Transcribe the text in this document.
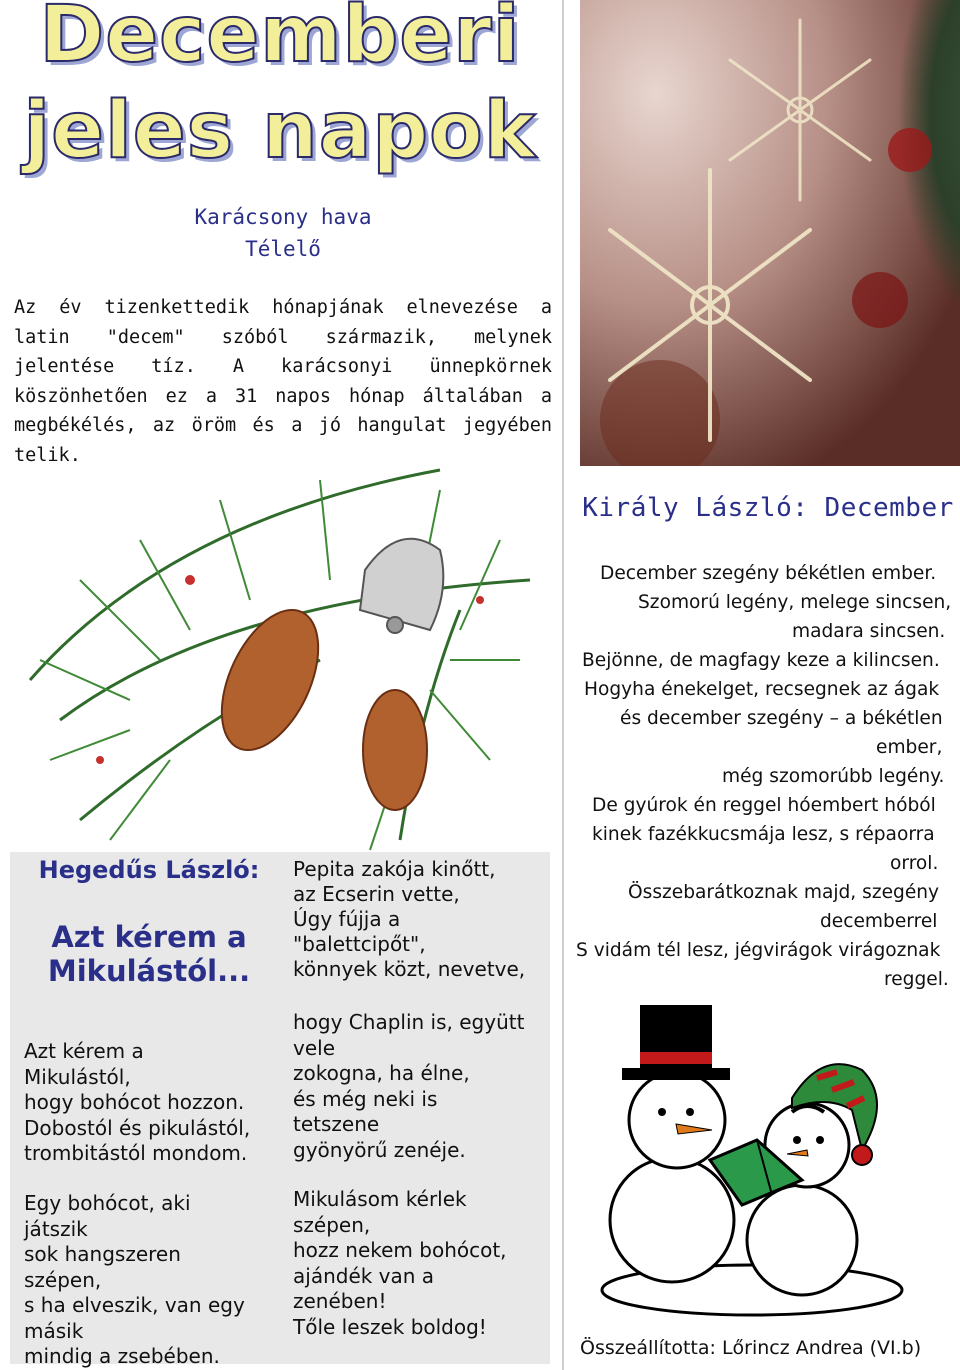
Decemberi
jeles napok
Karácsony hava
Télelő
Az év tizenkettedik hónapjának elnevezése a latin "decem" szóból származik, melynek jelentése tíz. A karácsonyi ünnepkörnek köszönhetően ez a 31 napos hónap általában a megbékélés, az öröm és a jó hangulat jegyében telik.
Király László: December
December szegény békétlen ember.
Szomorú legény, melege sincsen,
madara sincsen.
Bejönne, de magfagy keze a kilincsen.
Hogyha énekelget, recsegnek az ágak
és december szegény – a békétlen
ember,
még szomorúbb legény.
De gyúrok én reggel hóembert hóból
kinek fazékkucsmája lesz, s répaorra
orrol.
Összebarátkoznak majd, szegény
decemberrel
S vidám tél lesz, jégvirágok virágoznak
reggel.
Összeállította: Lőrincz Andrea (VI.b)
Hegedűs László:
Azt kérem a
Mikulástól...
Azt kérem a
Mikulástól,
hogy bohócot hozzon.
Dobostól és pikulástól,
trombitástól mondom.
Egy bohócot, aki
játszik
sok hangszeren
szépen,
s ha elveszik, van egy
másik
mindig a zsebében.
Pepita zakója kinőtt,
az Ecserin vette,
Úgy fújja a
"balettcipőt",
könnyek közt, nevetve,
hogy Chaplin is, együtt
vele
zokogna, ha élne,
és még neki is
tetszene
gyönyörű zenéje.
Mikulásom kérlek
szépen,
hozz nekem bohócot,
ajándék van a
zenében!
Tőle leszek boldog!
